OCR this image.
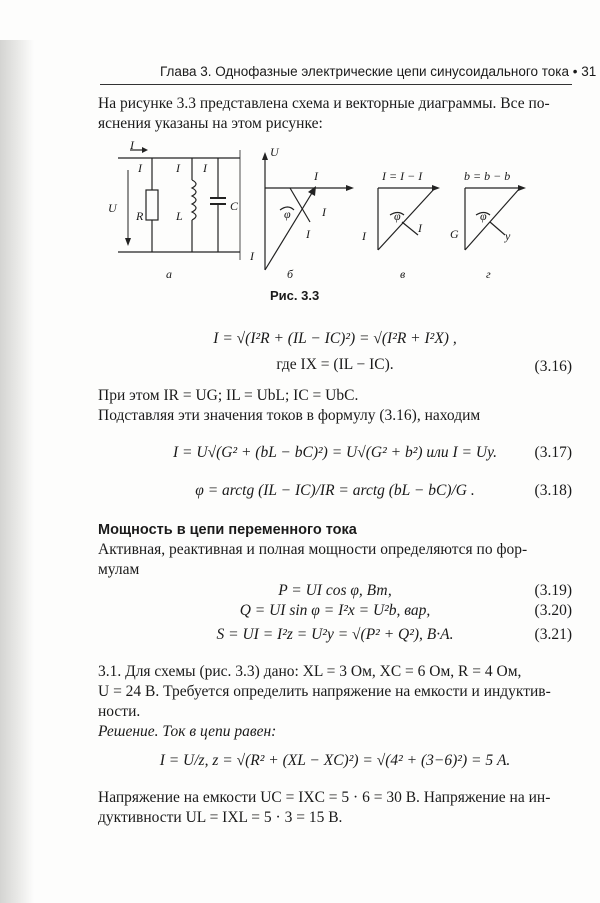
Глава 3. Однофазные электрические цепи синусоидального тока • 31
На рисунке 3.3 представлена схема и векторные диаграммы. Все по-
яснения указаны на этом рисунке:
I
I	I I
U
R	L
C
U
I
I
I
I
φ
I = I − I
φ
I
I
b = b − b
φ
G	y
а	б	в	г
Рис. 3.3
I = √(I²R + (IL − IC)²) = √(I²R + I²X) ,
где IX = (IL − IC).	(3.16)
При этом IR = UG; IL = UbL; IC = UbC.
Подставляя эти значения токов в формулу (3.16), находим
I = U√(G² + (bL − bC)²) = U√(G² + b²) или I = Uy.	(3.17)
φ = arctg (IL − IC)/IR = arctg (bL − bC)/G .	(3.18)
Мощность в цепи переменного тока
Активная, реактивная и полная мощности определяются по фор-
мулам
P = UI cos φ, Вт,	(3.19)
Q = UI sin φ = I²x = U²b, вар,	(3.20)
S = UI = I²z = U²y = √(P² + Q²), В·А.	(3.21)
3.1. Для схемы (рис. 3.3) дано: XL = 3 Ом, XC = 6 Ом, R = 4 Ом,
U = 24 В. Требуется определить напряжение на емкости и индуктив-
ности.
Решение. Ток в цепи равен:
I = U/z, z = √(R² + (XL − XC)²) = √(4² + (3−6)²) = 5 А.
Напряжение на емкости UC = IXC = 5 · 6 = 30 В. Напряжение на ин-
дуктивности UL = IXL = 5 · 3 = 15 В.
